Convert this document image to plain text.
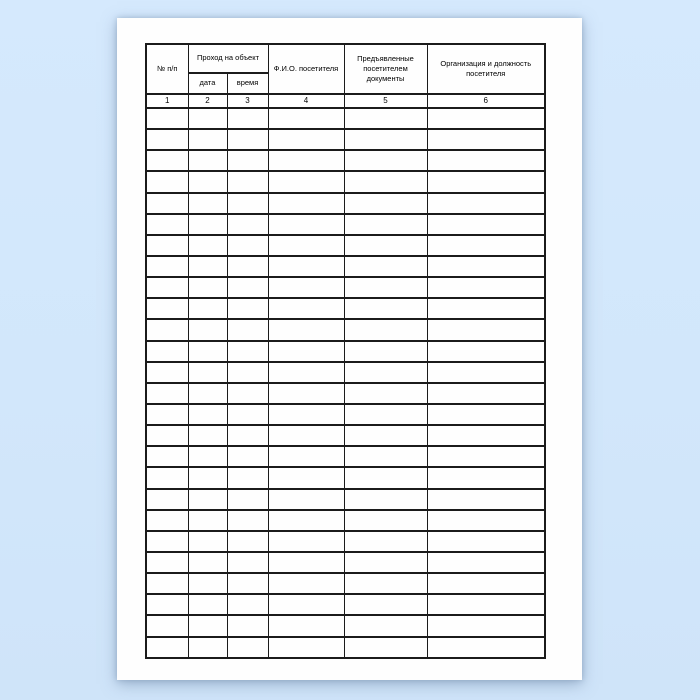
№ п/п	Проход на объект		Ф.И.О. посетителя	Предъявленные посетителем документы	Организация и должность посетителя
	дата	время			
1	2	3	4	5	6
